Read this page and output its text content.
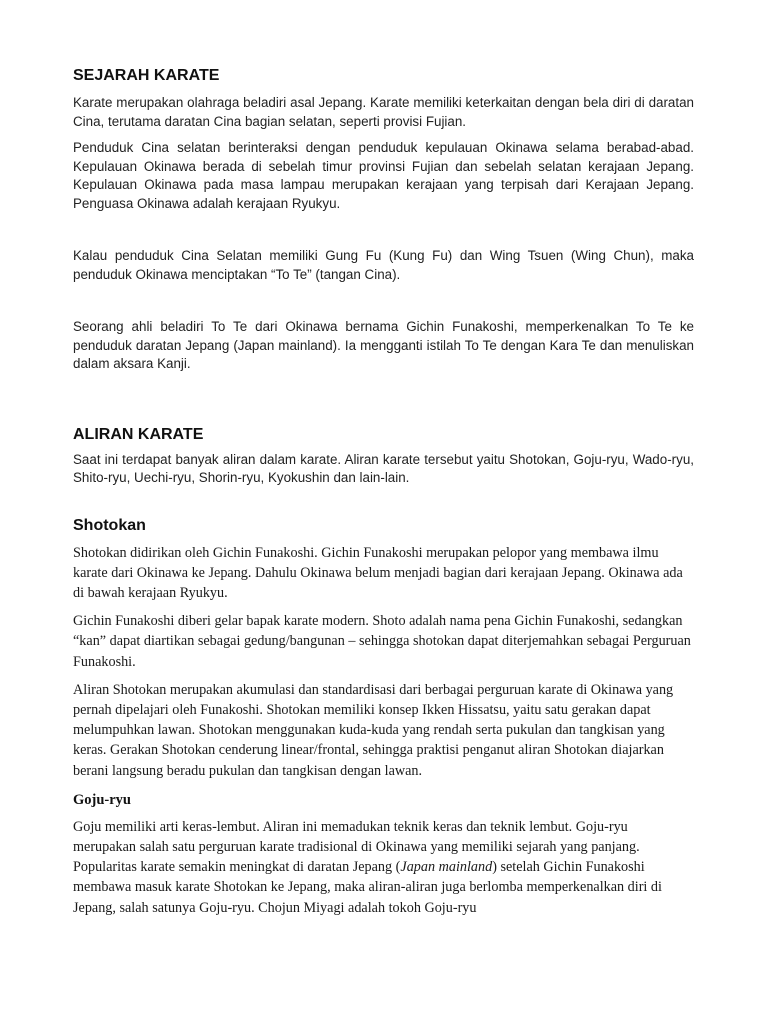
SEJARAH KARATE

Karate merupakan olahraga beladiri asal Jepang. Karate memiliki keterkaitan dengan bela diri di daratan Cina, terutama daratan Cina bagian selatan, seperti provisi Fujian.

Penduduk Cina selatan berinteraksi dengan penduduk kepulauan Okinawa selama berabad-abad. Kepulauan Okinawa berada di sebelah timur provinsi Fujian dan sebelah selatan kerajaan Jepang. Kepulauan Okinawa pada masa lampau merupakan kerajaan yang terpisah dari Kerajaan Jepang. Penguasa Okinawa adalah kerajaan Ryukyu.

Kalau penduduk Cina Selatan memiliki Gung Fu (Kung Fu) dan Wing Tsuen (Wing Chun), maka penduduk Okinawa menciptakan “To Te” (tangan Cina).

Seorang ahli beladiri To Te dari Okinawa bernama Gichin Funakoshi, memperkenalkan To Te ke penduduk daratan Jepang (Japan mainland). Ia mengganti istilah To Te dengan Kara Te dan menuliskan dalam aksara Kanji.

ALIRAN KARATE

Saat ini terdapat banyak aliran dalam karate. Aliran karate tersebut yaitu Shotokan, Goju-ryu, Wado-ryu, Shito-ryu, Uechi-ryu, Shorin-ryu, Kyokushin dan lain-lain.

Shotokan

Shotokan didirikan oleh Gichin Funakoshi. Gichin Funakoshi merupakan pelopor yang membawa ilmu karate dari Okinawa ke Jepang. Dahulu Okinawa belum menjadi bagian dari kerajaan Jepang. Okinawa ada di bawah kerajaan Ryukyu.

Gichin Funakoshi diberi gelar bapak karate modern. Shoto adalah nama pena Gichin Funakoshi, sedangkan “kan” dapat diartikan sebagai gedung/bangunan – sehingga shotokan dapat diterjemahkan sebagai Perguruan Funakoshi.

Aliran Shotokan merupakan akumulasi dan standardisasi dari berbagai perguruan karate di Okinawa yang pernah dipelajari oleh Funakoshi. Shotokan memiliki konsep Ikken Hissatsu, yaitu satu gerakan dapat melumpuhkan lawan. Shotokan menggunakan kuda-kuda yang rendah serta pukulan dan tangkisan yang keras. Gerakan Shotokan cenderung linear/frontal, sehingga praktisi penganut aliran Shotokan diajarkan berani langsung beradu pukulan dan tangkisan dengan lawan.

Goju-ryu

Goju memiliki arti keras-lembut. Aliran ini memadukan teknik keras dan teknik lembut. Goju-ryu merupakan salah satu perguruan karate tradisional di Okinawa yang memiliki sejarah yang panjang. Popularitas karate semakin meningkat di daratan Jepang (Japan mainland) setelah Gichin Funakoshi membawa masuk karate Shotokan ke Jepang, maka aliran-aliran juga berlomba memperkenalkan diri di Jepang, salah satunya Goju-ryu. Chojun Miyagi adalah tokoh Goju-ryu
